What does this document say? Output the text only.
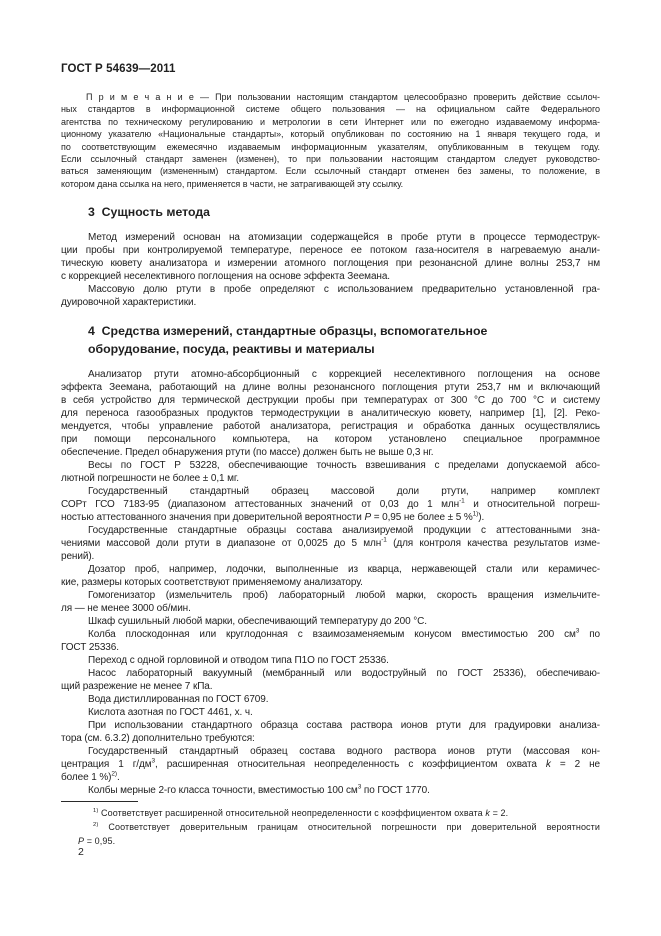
ГОСТ Р 54639—2011
П р и м е ч а н и е — При пользовании настоящим стандартом целесообразно проверить действие ссылоч-
ных стандартов в информационной системе общего пользования — на официальном сайте Федерального
агентства по техническому регулированию и метрологии в сети Интернет или по ежегодно издаваемому информа-
ционному указателю «Национальные стандарты», который опубликован по состоянию на 1 января текущего года, и
по соответствующим ежемесячно издаваемым информационным указателям, опубликованным в текущем году.
Если ссылочный стандарт заменен (изменен), то при пользовании настоящим стандартом следует руководство-
ваться заменяющим (измененным) стандартом. Если ссылочный стандарт отменен без замены, то положение, в
котором дана ссылка на него, применяется в части, не затрагивающей эту ссылку.
3  Сущность метода
Метод измерений основан на атомизации содержащейся в пробе ртути в процессе термодеструк-
ции пробы при контролируемой температуре, переносе ее потоком газа-носителя в нагреваемую анали-
тическую кювету анализатора и измерении атомного поглощения при резонансной длине волны 253,7 нм
с коррекцией неселективного поглощения на основе эффекта Зеемана.
Массовую долю ртути в пробе определяют с использованием предварительно установленной гра-
дуировочной характеристики.
4  Средства измерений, стандартные образцы, вспомогательное
оборудование, посуда, реактивы и материалы
Анализатор ртути атомно-абсорбционный с коррекцией неселективного поглощения на основе
эффекта Зеемана, работающий на длине волны резонансного поглощения ртути 253,7 нм и включающий
в себя устройство для термической деструкции пробы при температурах от 300 °С до 700 °С и систему
для переноса газообразных продуктов термодеструкции в аналитическую кювету, например [1], [2]. Реко-
мендуется, чтобы управление работой анализатора, регистрация и обработка данных осуществлялись
при помощи персонального компьютера, на котором установлено специальное программное
обеспечение. Предел обнаружения ртути (по массе) должен быть не выше 0,3 нг.
Весы по ГОСТ Р 53228, обеспечивающие точность взвешивания с пределами допускаемой абсо-
лютной погрешности не более ± 0,1 мг.
Государственный стандартный образец массовой доли ртути, например комплект
СОРт ГСО 7183-95 (диапазоном аттестованных значений от 0,03 до 1 млн$^{-1}$ и относительной погреш-
ностью аттестованного значения при доверительной вероятности P = 0,95 не более ± 5 %$^{1)}$).
Государственные стандартные образцы состава анализируемой продукции с аттестованными зна-
чениями массовой доли ртути в диапазоне от 0,0025 до 5 млн$^{-1}$ (для контроля качества результатов изме-
рений).
Дозатор проб, например, лодочки, выполненные из кварца, нержавеющей стали или керамичес-
кие, размеры которых соответствуют применяемому анализатору.
Гомогенизатор (измельчитель проб) лабораторный любой марки, скорость вращения измельчите-
ля — не менее 3000 об/мин.
Шкаф сушильный любой марки, обеспечивающий температуру до 200 °С.
Колба плоскодонная или круглодонная с взаимозаменяемым конусом вместимостью 200 $см^3$ по
ГОСТ 25336.
Переход с одной горловиной и отводом типа П1О по ГОСТ 25336.
Насос лабораторный вакуумный (мембранный или водоструйный по ГОСТ 25336), обеспечиваю-
щий разрежение не менее 7 кПа.
Вода дистиллированная по ГОСТ 6709.
Кислота азотная по ГОСТ 4461, х. ч.
При использовании стандартного образца состава раствора ионов ртути для градуировки анализа-
тора (см. 6.3.2) дополнительно требуются:
Государственный стандартный образец состава водного раствора ионов ртути (массовая кон-
центрация 1 $г/дм^3$, расширенная относительная неопределенность с коэффициентом охвата k = 2 не
более 1 %)$^{2)}$.
Колбы мерные 2-го класса точности, вместимостью 100 $см^3$ по ГОСТ 1770.
$^{1)}$ Соответствует расширенной относительной неопределенности с коэффициентом охвата k = 2.
$^{2)}$ Соответствует доверительным границам относительной погрешности при доверительной вероятности
P = 0,95.
2
